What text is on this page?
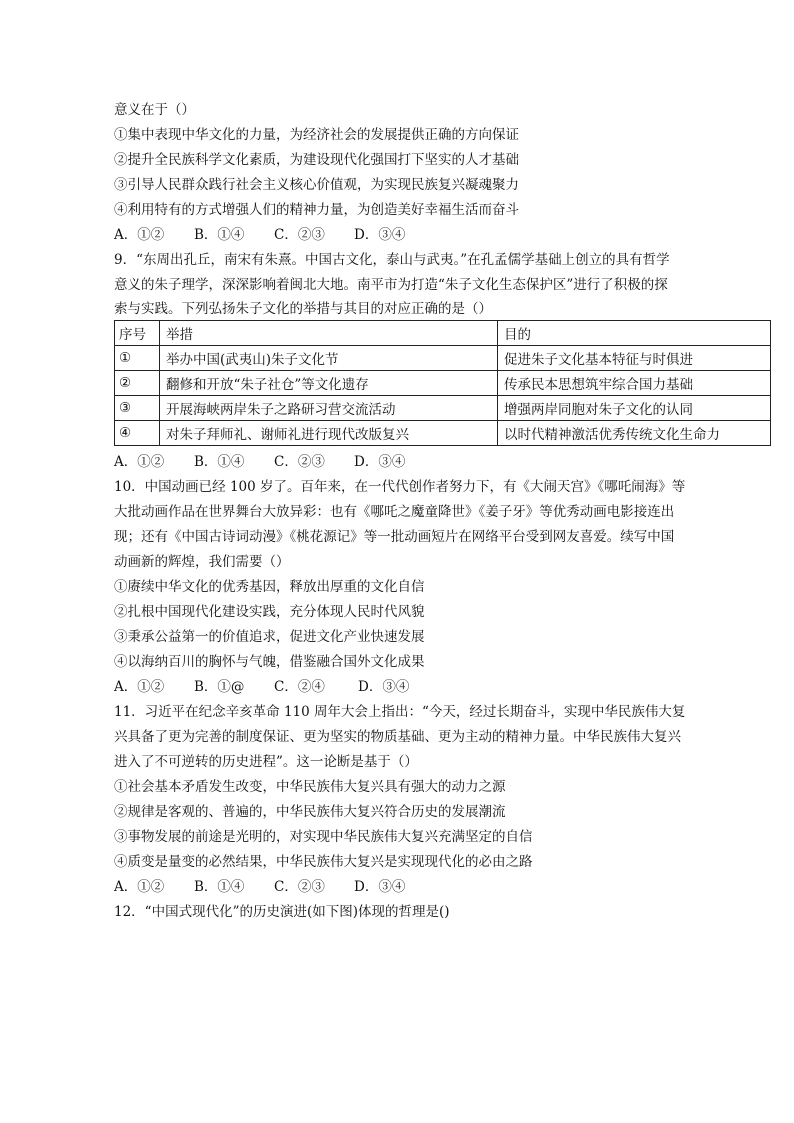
意义在于（）
①集中表现中华文化的力量，为经济社会的发展提供正确的方向保证
②提升全民族科学文化素质，为建设现代化强国打下坚实的人才基础
③引导人民群众践行社会主义核心价值观，为实现民族复兴凝魂聚力
④利用特有的方式增强人们的精神力量，为创造美好幸福生活而奋斗
A．①② B．①④ C．②③ D．③④
9．“东周出孔丘，南宋有朱熹。中国古文化，泰山与武夷。”在孔孟儒学基础上创立的具有哲学
意义的朱子理学，深深影响着闽北大地。南平市为打造“朱子文化生态保护区”进行了积极的探
索与实践。下列弘扬朱子文化的举措与其目的对应正确的是（）
序号	举措	目的
①	举办中国(武夷山)朱子文化节	促进朱子文化基本特征与时俱进
②	翻修和开放“朱子社仓”等文化遗存	传承民本思想筑牢综合国力基础
③	开展海峡两岸朱子之路研习营交流活动	增强两岸同胞对朱子文化的认同
④	对朱子拜师礼、谢师礼进行现代改版复兴	以时代精神激活优秀传统文化生命力
A．①② B．①④ C．②③ D．③④
10．中国动画已经 100 岁了。百年来，在一代代创作者努力下，有《大闹天宫》《哪吒闹海》等
大批动画作品在世界舞台大放异彩：也有《哪吒之魔童降世》《姜子牙》等优秀动画电影接连出
现；还有《中国古诗词动漫》《桃花源记》等一批动画短片在网络平台受到网友喜爱。续写中国
动画新的辉煌，我们需要（）
①赓续中华文化的优秀基因，释放出厚重的文化自信
②扎根中国现代化建设实践，充分体现人民时代风貌
③秉承公益第一的价值追求，促进文化产业快速发展
④以海纳百川的胸怀与气魄，借鉴融合国外文化成果
A．①② B．①@ C．②④ D．③④
11．习近平在纪念辛亥革命 110 周年大会上指出：“今天，经过长期奋斗，实现中华民族伟大复
兴具备了更为完善的制度保证、更为坚实的物质基础、更为主动的精神力量。中华民族伟大复兴
进入了不可逆转的历史进程”。这一论断是基于（）
①社会基本矛盾发生改变，中华民族伟大复兴具有强大的动力之源
②规律是客观的、普遍的，中华民族伟大复兴符合历史的发展潮流
③事物发展的前途是光明的，对实现中华民族伟大复兴充满坚定的自信
④质变是量变的必然结果，中华民族伟大复兴是实现现代化的必由之路
A．①② B．①④ C．②③ D．③④
12．“中国式现代化”的历史演进(如下图)体现的哲理是()
